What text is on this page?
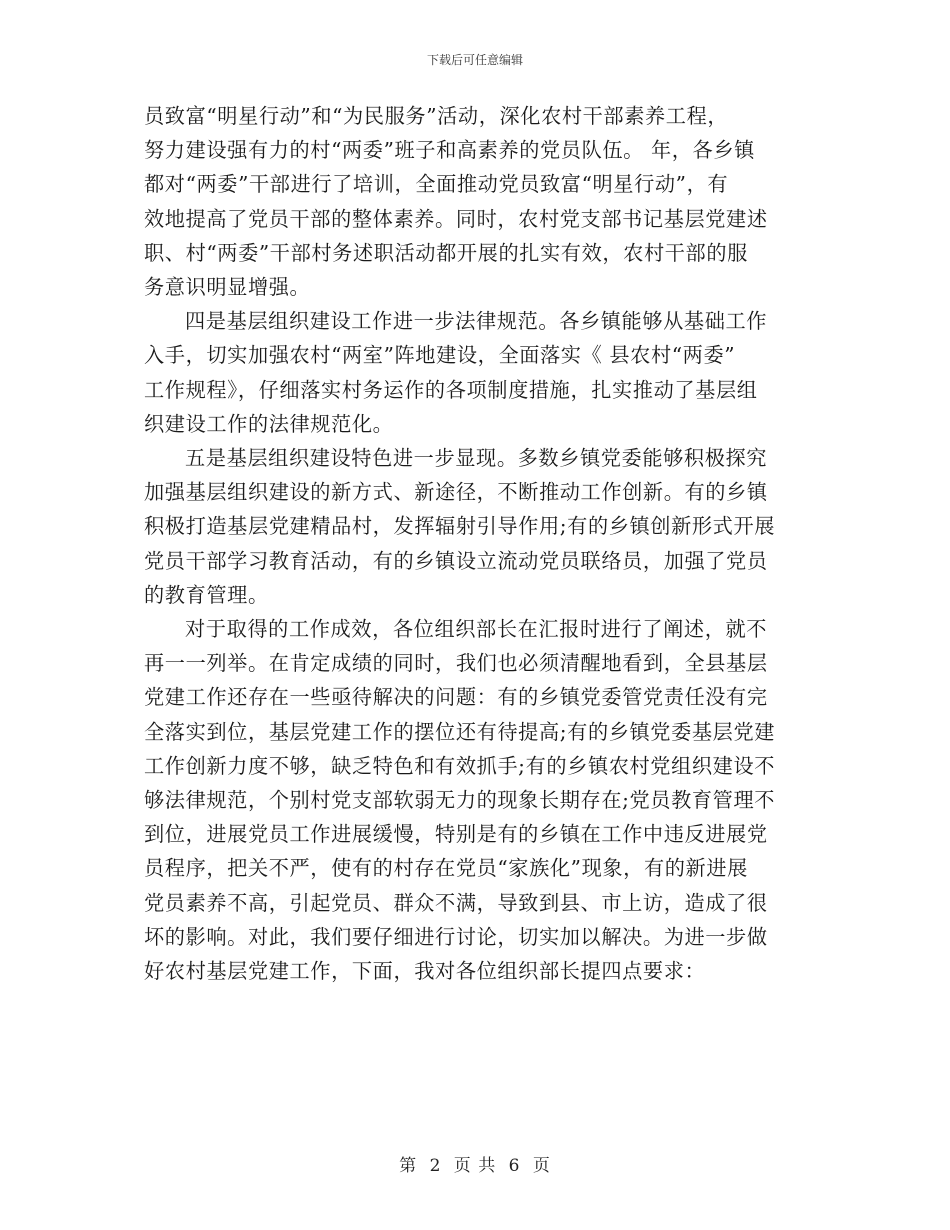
下载后可任意编辑

员致富“明星行动”和“为民服务”活动，深化农村干部素养工程，
努力建设强有力的村“两委”班子和高素养的党员队伍。 年，各乡镇
都对“两委”干部进行了培训，全面推动党员致富“明星行动”，有
效地提高了党员干部的整体素养。同时，农村党支部书记基层党建述
职、村“两委”干部村务述职活动都开展的扎实有效，农村干部的服
务意识明显增强。

四是基层组织建设工作进一步法律规范。各乡镇能够从基础工作
入手，切实加强农村“两室”阵地建设，全面落实《 县农村“两委”
工作规程》，仔细落实村务运作的各项制度措施，扎实推动了基层组
织建设工作的法律规范化。

五是基层组织建设特色进一步显现。多数乡镇党委能够积极探究
加强基层组织建设的新方式、新途径，不断推动工作创新。有的乡镇
积极打造基层党建精品村，发挥辐射引导作用;有的乡镇创新形式开展
党员干部学习教育活动，有的乡镇设立流动党员联络员，加强了党员
的教育管理。

对于取得的工作成效，各位组织部长在汇报时进行了阐述，就不
再一一列举。在肯定成绩的同时，我们也必须清醒地看到，全县基层
党建工作还存在一些亟待解决的问题：有的乡镇党委管党责任没有完
全落实到位，基层党建工作的摆位还有待提高;有的乡镇党委基层党建
工作创新力度不够，缺乏特色和有效抓手;有的乡镇农村党组织建设不
够法律规范，个别村党支部软弱无力的现象长期存在;党员教育管理不
到位，进展党员工作进展缓慢，特别是有的乡镇在工作中违反进展党
员程序，把关不严，使有的村存在党员“家族化”现象，有的新进展
党员素养不高，引起党员、群众不满，导致到县、市上访，造成了很
坏的影响。对此，我们要仔细进行讨论，切实加以解决。为进一步做
好农村基层党建工作，下面，我对各位组织部长提四点要求：

第 2 页 共 6 页
